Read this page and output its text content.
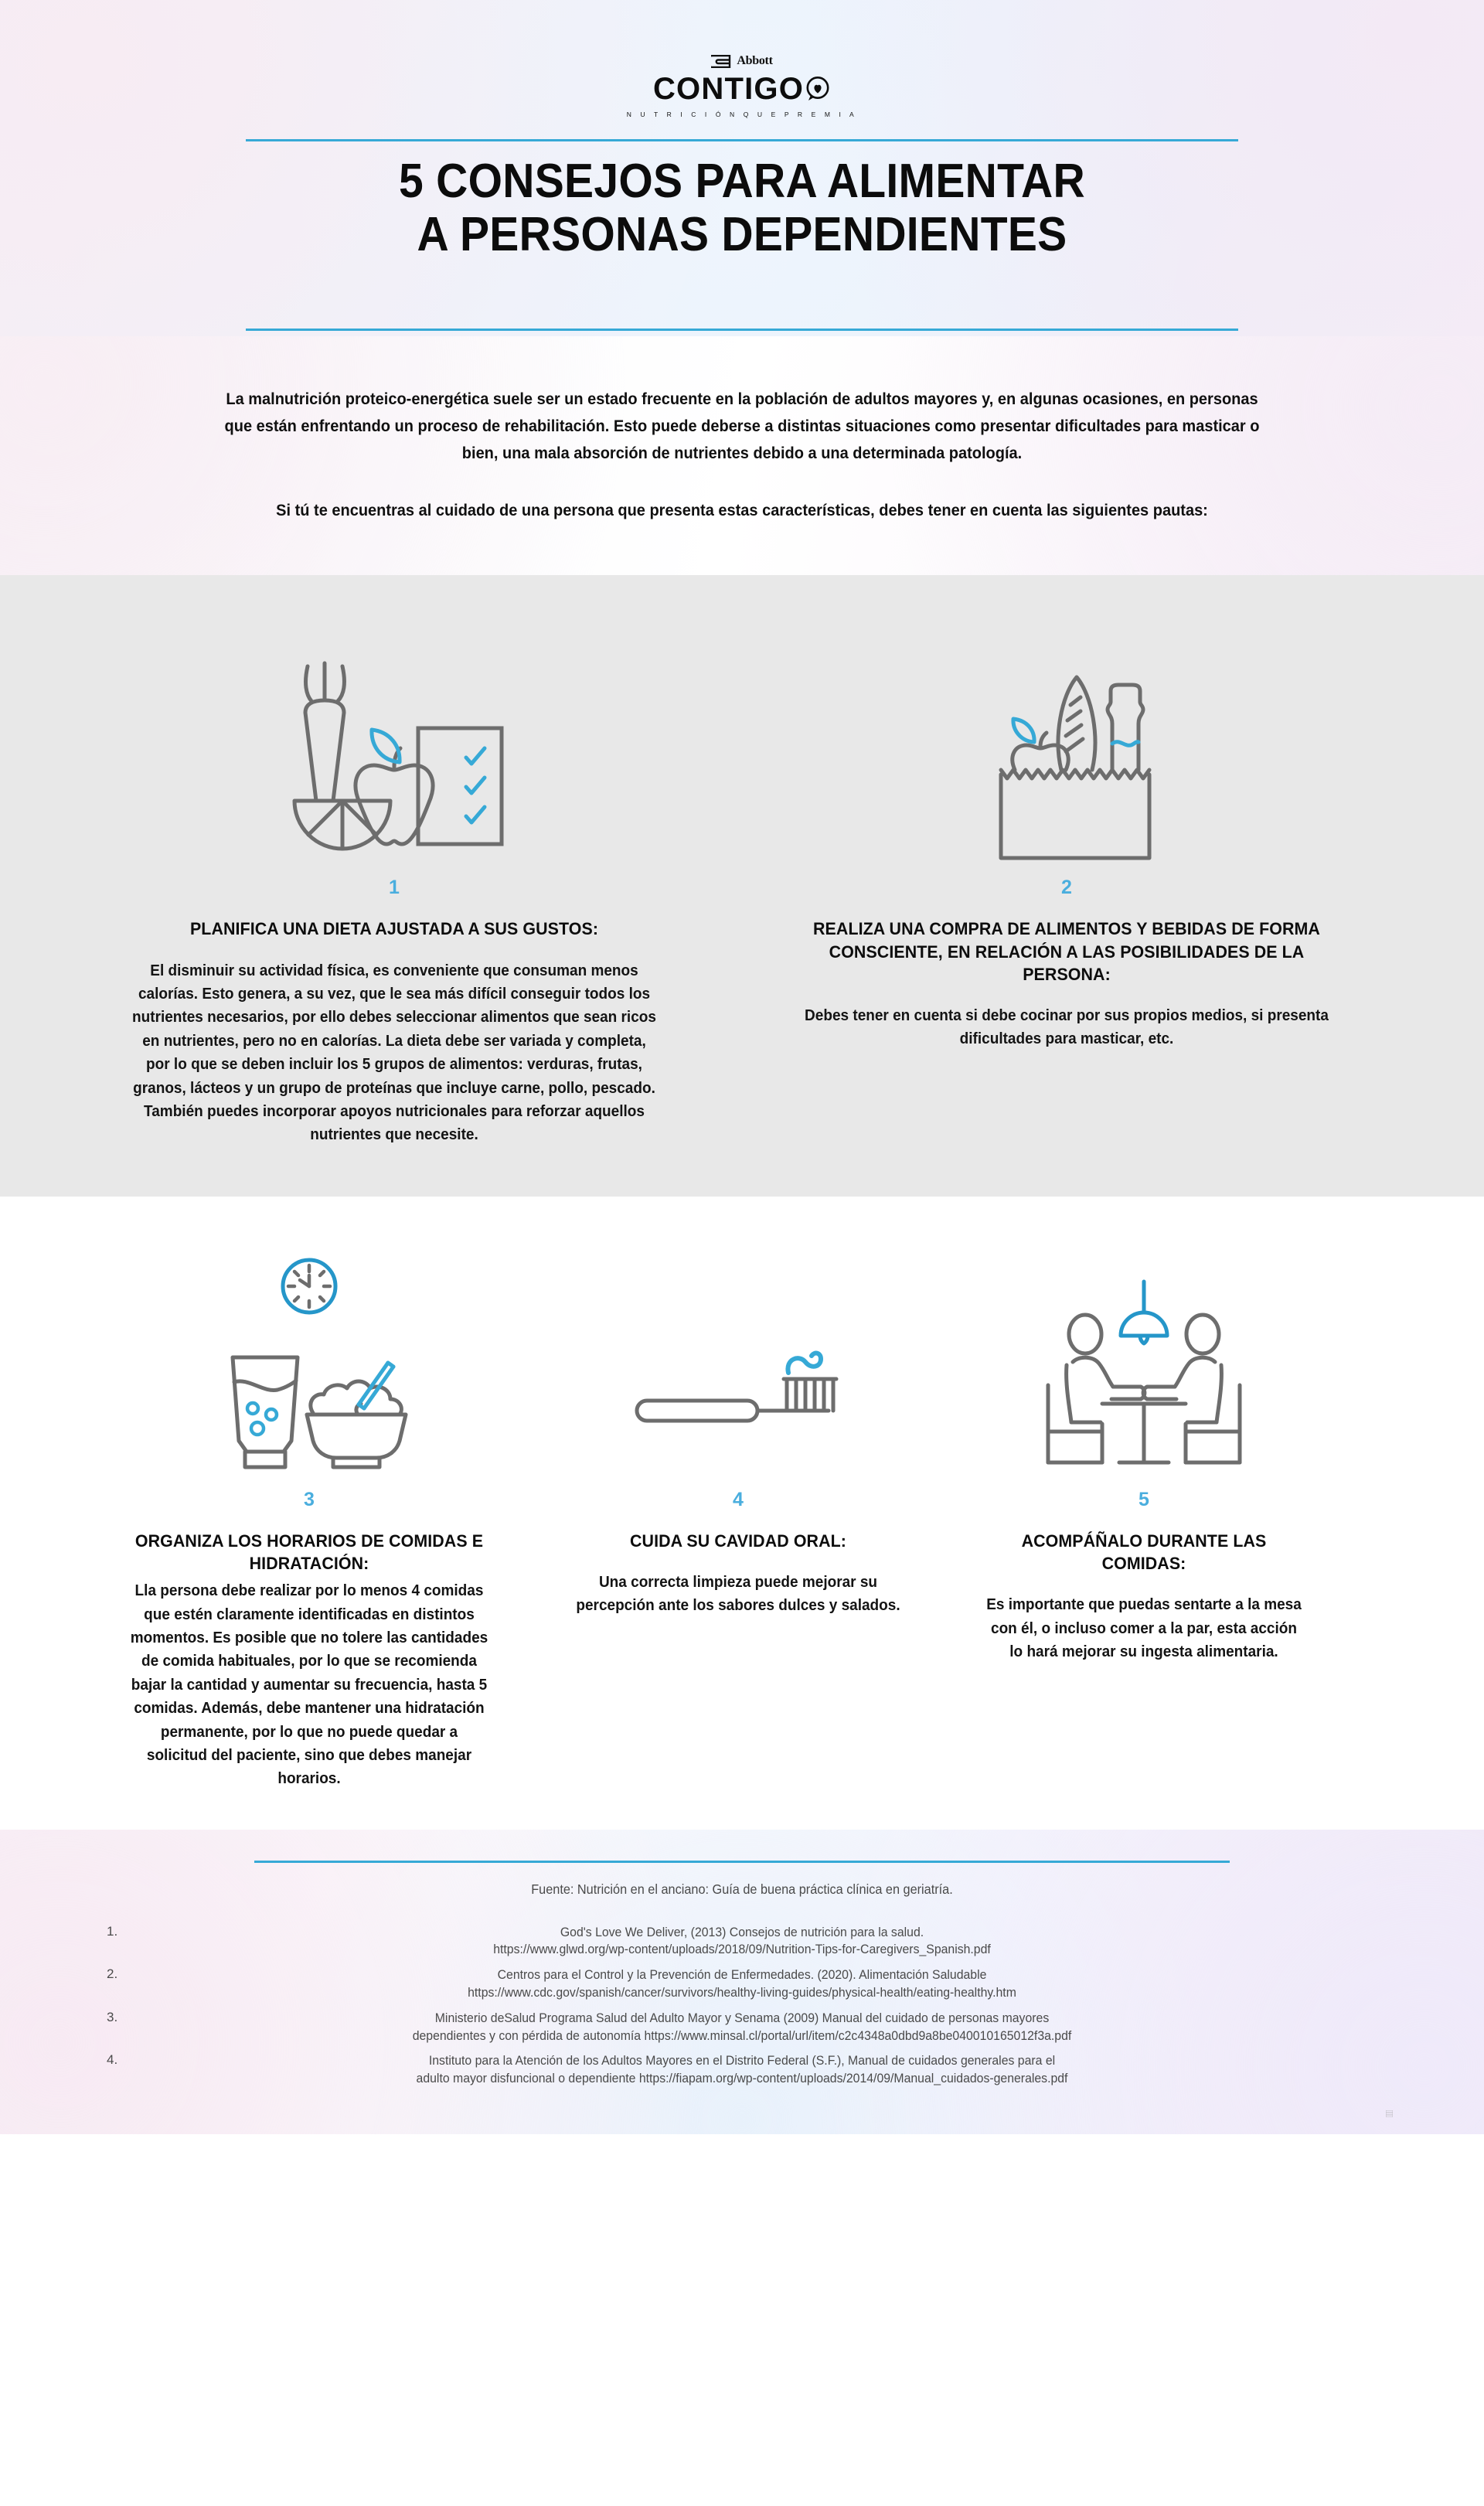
Abbott
CONTIGO
N U T R I C I Ó N Q U E P R E M I A
5 CONSEJOS PARA ALIMENTAR
A PERSONAS DEPENDIENTES

La malnutrición proteico-energética suele ser un estado frecuente en la población de adultos mayores y, en algunas ocasiones, en personas que están enfrentando un proceso de rehabilitación. Esto puede deberse a distintas situaciones como presentar dificultades para masticar o bien, una mala absorción de nutrientes debido a una determinada patología.

Si tú te encuentras al cuidado de una persona que presenta estas características, debes tener en cuenta las siguientes pautas:

1
PLANIFICA UNA DIETA AJUSTADA A SUS GUSTOS:
El disminuir su actividad física, es conveniente que consuman menos calorías. Esto genera, a su vez, que le sea más difícil conseguir todos los nutrientes necesarios, por ello debes seleccionar alimentos que sean ricos en nutrientes, pero no en calorías. La dieta debe ser variada y completa, por lo que se deben incluir los 5 grupos de alimentos: verduras, frutas, granos, lácteos y un grupo de proteínas que incluye carne, pollo, pescado. También puedes incorporar apoyos nutricionales para reforzar aquellos nutrientes que necesite.
2
REALIZA UNA COMPRA DE ALIMENTOS Y BEBIDAS DE FORMA CONSCIENTE, EN RELACIÓN A LAS POSIBILIDADES DE LA PERSONA:
Debes tener en cuenta si debe cocinar por sus propios medios, si presenta dificultades para masticar, etc.
3
ORGANIZA LOS HORARIOS DE COMIDAS E HIDRATACIÓN:
Lla persona debe realizar por lo menos 4 comidas que estén claramente identificadas en distintos momentos. Es posible que no tolere las cantidades de comida habituales, por lo que se recomienda bajar la cantidad y aumentar su frecuencia, hasta 5 comidas. Además, debe mantener una hidratación permanente, por lo que no puede quedar a solicitud del paciente, sino que debes manejar horarios.
4
CUIDA SU CAVIDAD ORAL:
Una correcta limpieza puede mejorar su percepción ante los sabores dulces y salados.
5
ACOMPÁÑALO DURANTE LAS COMIDAS:
Es importante que puedas sentarte a la mesa con él, o incluso comer a la par, esta acción lo hará mejorar su ingesta alimentaria.
Fuente: Nutrición en el anciano: Guía de buena práctica clínica en geriatría.
1.	God's Love We Deliver, (2013) Consejos de nutrición para la salud.
https://www.glwd.org/wp-content/uploads/2018/09/Nutrition-Tips-for-Caregivers_Spanish.pdf
2.	Centros para el Control y la Prevención de Enfermedades. (2020). Alimentación Saludable
https://www.cdc.gov/spanish/cancer/survivors/healthy-living-guides/physical-health/eating-healthy.htm
3.	Ministerio deSalud Programa Salud del Adulto Mayor y Senama (2009) Manual del cuidado de personas mayores
dependientes y con pérdida de autonomía https://www.minsal.cl/portal/url/item/c2c4348a0dbd9a8be040010165012f3a.pdf
4.	Instituto para la Atención de los Adultos Mayores en el Distrito Federal (S.F.), Manual de cuidados generales para el
adulto mayor disfuncional o dependiente https://fiapam.org/wp-content/uploads/2014/09/Manual_cuidados-generales.pdf
